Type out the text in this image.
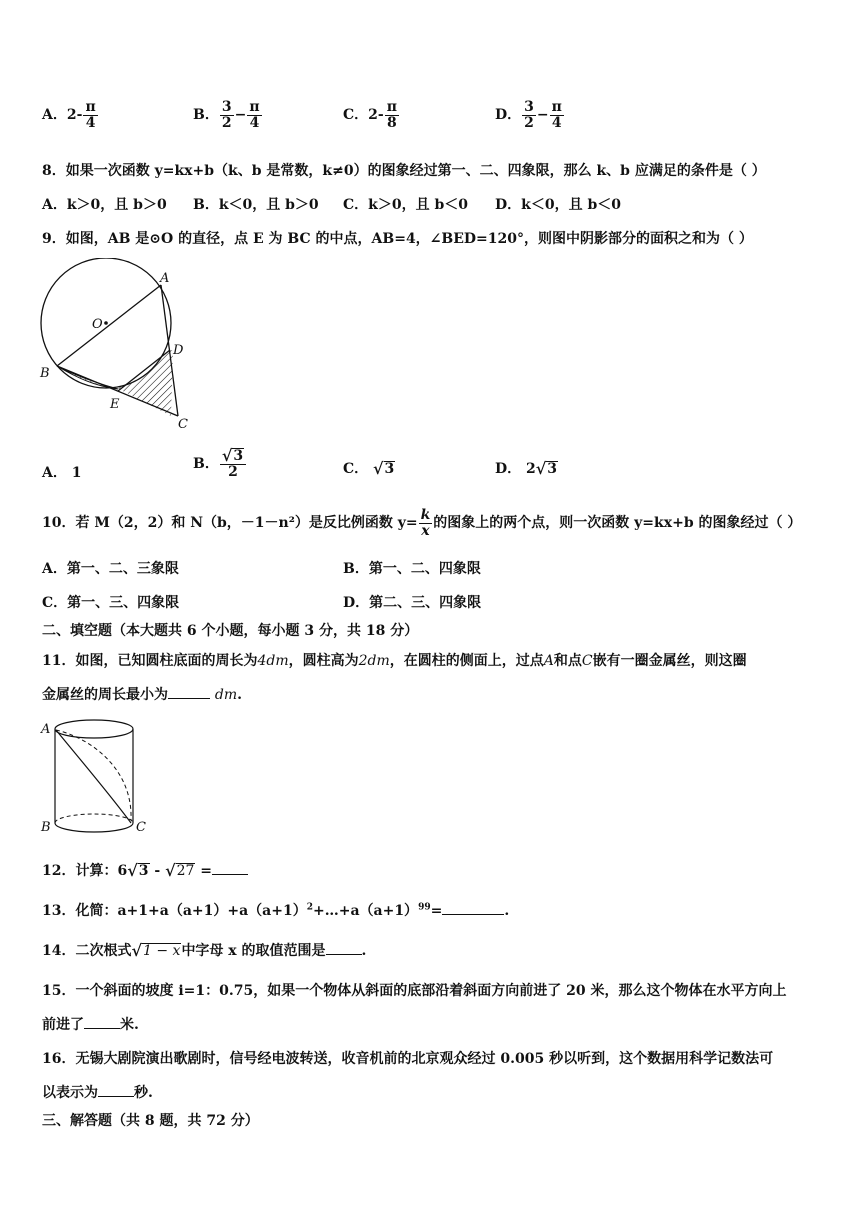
A．$2- \frac{\pi}{4}$	B． $\frac{3}{2} - \frac{\pi}{4}$	C．$2- \frac{\pi}{8}$	D． $\frac{3}{2} - \frac{\pi}{4}$
8．如果一次函数 y=kx+b（k、b 是常数，k≠0）的图象经过第一、二、四象限，那么 k、b 应满足的条件是（ ）
A．k＞0，且 b＞0 B．k＜0，且 b＞0 C．k＞0，且 b＜0 D．k＜0，且 b＜0
9．如图，AB 是⊙O 的直径，点 E 为 BC 的中点，AB=4，∠BED=120°，则图中阴影部分的面积之和为（ ）
A
O
D
B
E
C
A． 1
B． $\frac{√ 3}{2}$	C． √ 3	D． 2 √ 3
10．若 M（2，2）和 N（b，－1－n²）是反比例函数 $y= \frac{k}{x}$ 的图象上的两个点，则一次函数 y=kx+b 的图象经过（ ）
A．第一、二、三象限	B．第一、二、四象限
C．第一、三、四象限	D．第二、三、四象限
二、填空题（本大题共 6 个小题，每小题 3 分，共 18 分）
11．如图，已知圆柱底面的周长为4dm，圆柱高为2dm，在圆柱的侧面上，过点A和点C嵌有一圈金属丝，则这圈
金属丝的周长最小为	dm.
A
B	C
12．计算：6 √ 3 - √ 27 =
13．化简：$a+1+a(a+1)+a(a+1)^2+\dots+a(a+1)^{99}=$	.
14．二次根式 √ 1 − x 中字母 x 的取值范围是	.
15．一个斜面的坡度 i=1：0.75，如果一个物体从斜面的底部沿着斜面方向前进了 20 米，那么这个物体在水平方向上
前进了	米.
16．无锡大剧院演出歌剧时，信号经电波转送，收音机前的北京观众经过 0.005 秒以听到，这个数据用科学记数法可
以表示为	秒.
三、解答题（共 8 题，共 72 分）
